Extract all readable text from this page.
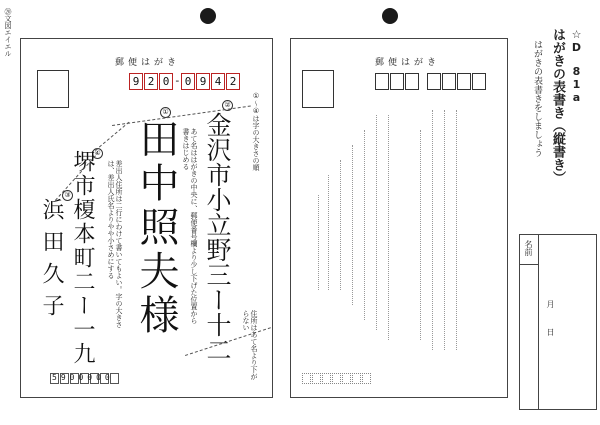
⑳文図エイエル
郵便はがき
9 2 0 - 0 9 4 2
①
②
③
④ 田中照夫様 金沢市小立野三ー十二
堺市榎本町二ー一九
浜田久子
①～④は字の大きさの順
あて名ははがきの中央に、郵便番号欄より少し下げた位置から書きはじめる
差出人住所は二行にわけて書いてもよい。字の大きさは、差出人氏名よりやや小さめにする
住所はあて名より下がらない
5900000
郵便はがき	☆D　81a
はがきの表書き（縦書き）
はがきの表書きをしましょう
名前
月　日
